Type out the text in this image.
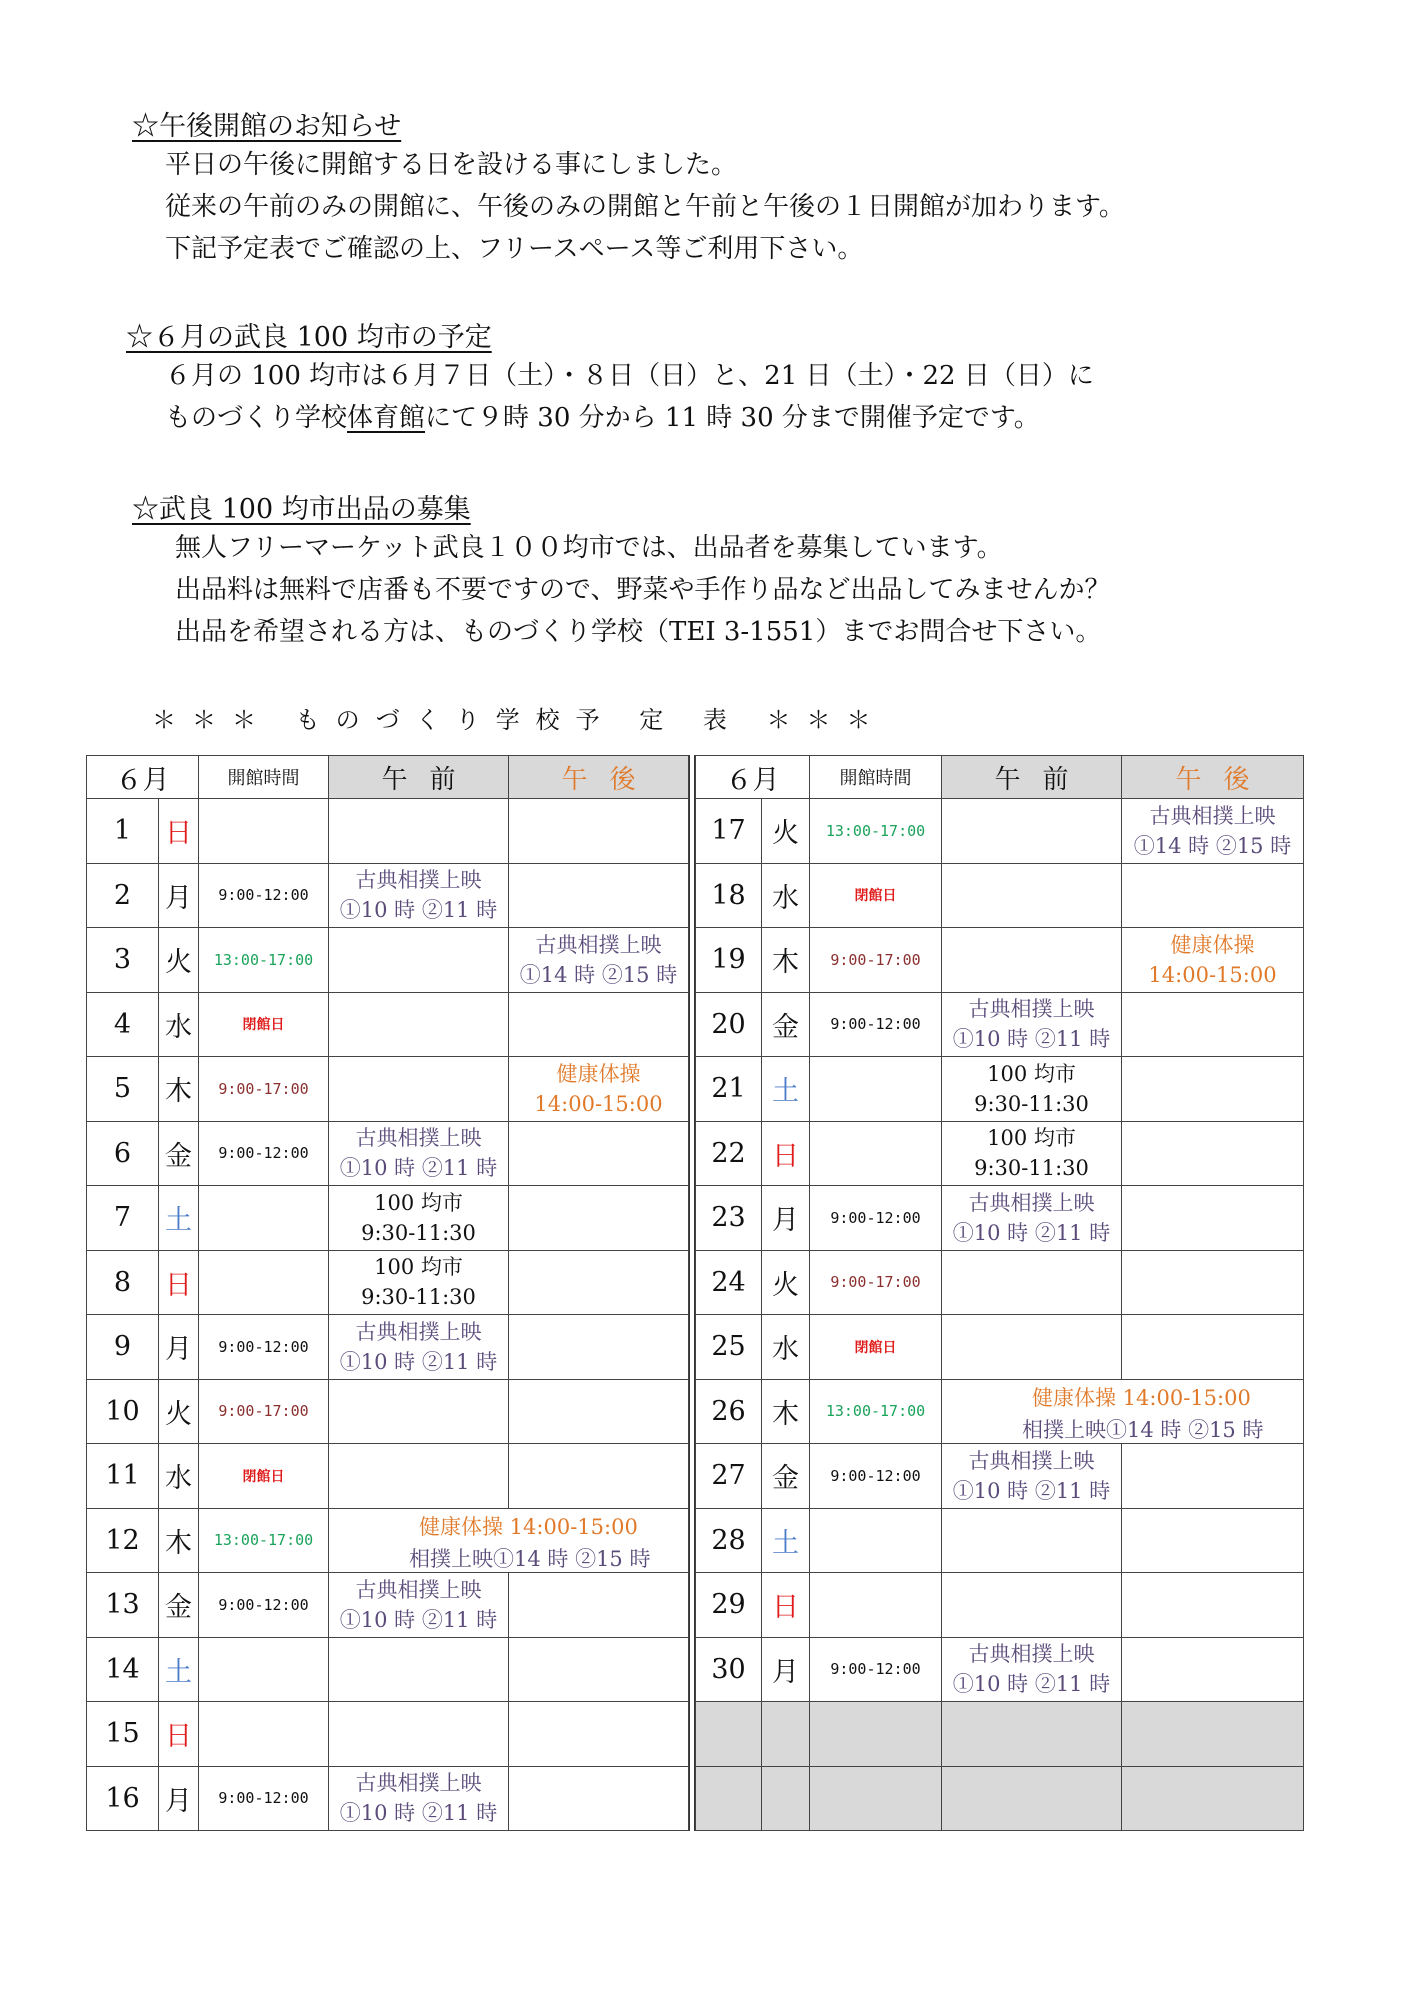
☆午後開館のお知らせ
平日の午後に開館する日を設ける事にしました。
従来の午前のみの開館に、午後のみの開館と午前と午後の１日開館が加わります。
下記予定表でご確認の上、フリースペース等ご利用下さい。
☆６月の武良 100 均市の予定
６月の 100 均市は６月７日（土）・８日（日）と、21 日（土）・22 日（日）に
ものづくり学校体育館にて９時 30 分から 11 時 30 分まで開催予定です。
☆武良 100 均市出品の募集
無人フリーマーケット武良１００均市では、出品者を募集しています。
出品料は無料で店番も不要ですので、野菜や手作り品など出品してみませんか？
出品を希望される方は、ものづくり学校（TEI 3-1551）までお問合せ下さい。
＊＊＊ ものづくり学校予 定 表 ＊＊＊
６月		開館時間	午前	午後
1	日			
2	月	9:00-12:00	古典相撲上映
①10 時 ②11 時	

3	火	13:00-17:00		古典相撲上映
①14 時 ②15 時

4	水	閉館日		
5	木	9:00-17:00		健康体操
14:00-15:00

6	金	9:00-12:00	古典相撲上映
①10 時 ②11 時	

7	土		100 均市
9:30-11:30	

8	日		100 均市
9:30-11:30	

9	月	9:00-12:00	古典相撲上映
①10 時 ②11 時	

10	火	9:00-17:00		
11	水	閉館日		
12	木	13:00-17:00	健康体操 14:00-15:00
相撲上映①14 時 ②15 時	

13	金	9:00-12:00	古典相撲上映
①10 時 ②11 時	

14	土			
15	日			
16	月	9:00-12:00	古典相撲上映
①10 時 ②11 時	

６月		開館時間	午前	午後
17	火	13:00-17:00		古典相撲上映
①14 時 ②15 時

18	水	閉館日		
19	木	9:00-17:00		健康体操
14:00-15:00

20	金	9:00-12:00	古典相撲上映
①10 時 ②11 時	

21	土		100 均市
9:30-11:30	

22	日		100 均市
9:30-11:30	

23	月	9:00-12:00	古典相撲上映
①10 時 ②11 時	

24	火	9:00-17:00		
25	水	閉館日		
26	木	13:00-17:00	健康体操 14:00-15:00
相撲上映①14 時 ②15 時	

27	金	9:00-12:00	古典相撲上映
①10 時 ②11 時	

28	土			
29	日			
30	月	9:00-12:00	古典相撲上映
①10 時 ②11 時	
